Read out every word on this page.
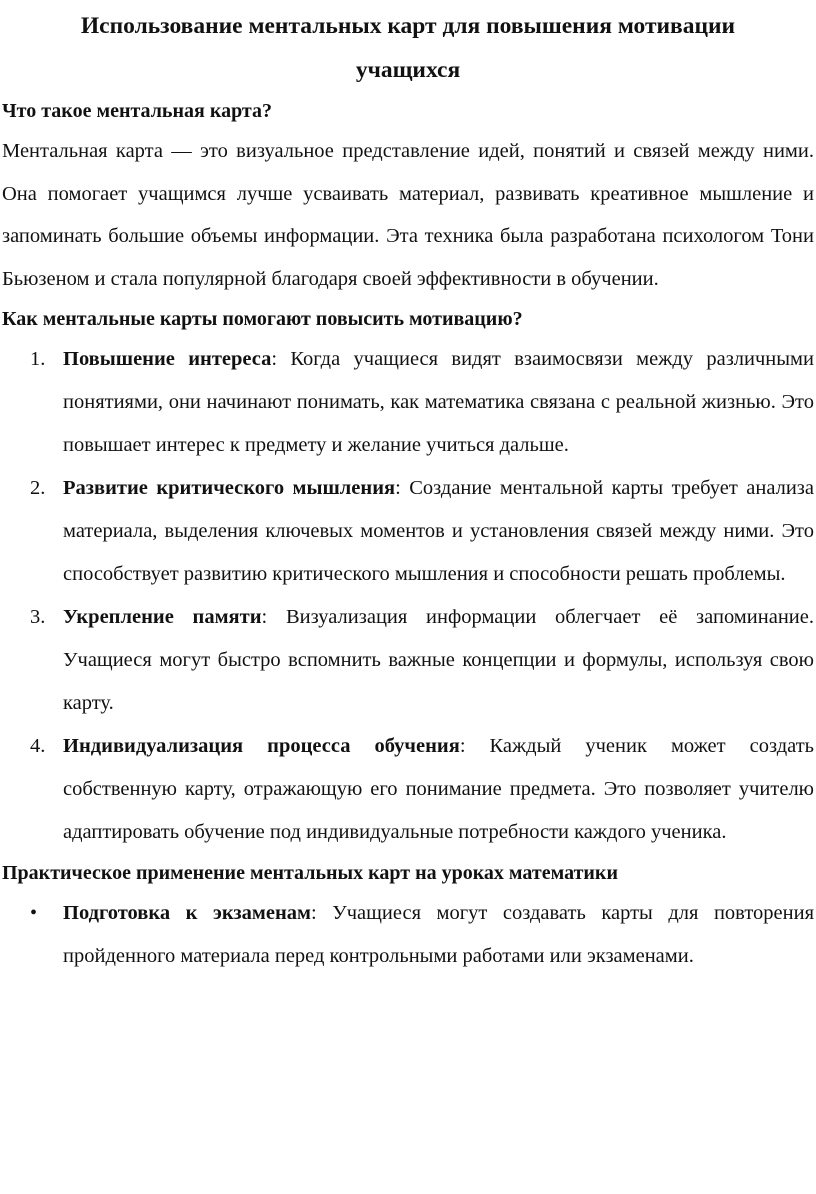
Использование ментальных карт для повышения мотивации
учащихся
Что такое ментальная карта?

Ментальная карта — это визуальное представление идей, понятий и связей между ними. Она помогает учащимся лучше усваивать материал, развивать креативное мышление и запоминать большие объемы информации. Эта техника была разработана психологом Тони Бьюзеном и стала популярной благодаря своей эффективности в обучении.

Как ментальные карты помогают повысить мотивацию?
1. Повышение интереса: Когда учащиеся видят взаимосвязи между различными понятиями, они начинают понимать, как математика связана с реальной жизнью. Это повышает интерес к предмету и желание учиться дальше.
2. Развитие критического мышления: Создание ментальной карты требует анализа материала, выделения ключевых моментов и установления связей между ними. Это способствует развитию критического мышления и способности решать проблемы.
3. Укрепление памяти: Визуализация информации облегчает её запоминание. Учащиеся могут быстро вспомнить важные концепции и формулы, используя свою карту.
4. Индивидуализация процесса обучения: Каждый ученик может создать собственную карту, отражающую его понимание предмета. Это позволяет учителю адаптировать обучение под индивидуальные потребности каждого ученика.
Практическое применение ментальных карт на уроках математики
• Подготовка к экзаменам: Учащиеся могут создавать карты для повторения пройденного материала перед контрольными работами или экзаменами.
